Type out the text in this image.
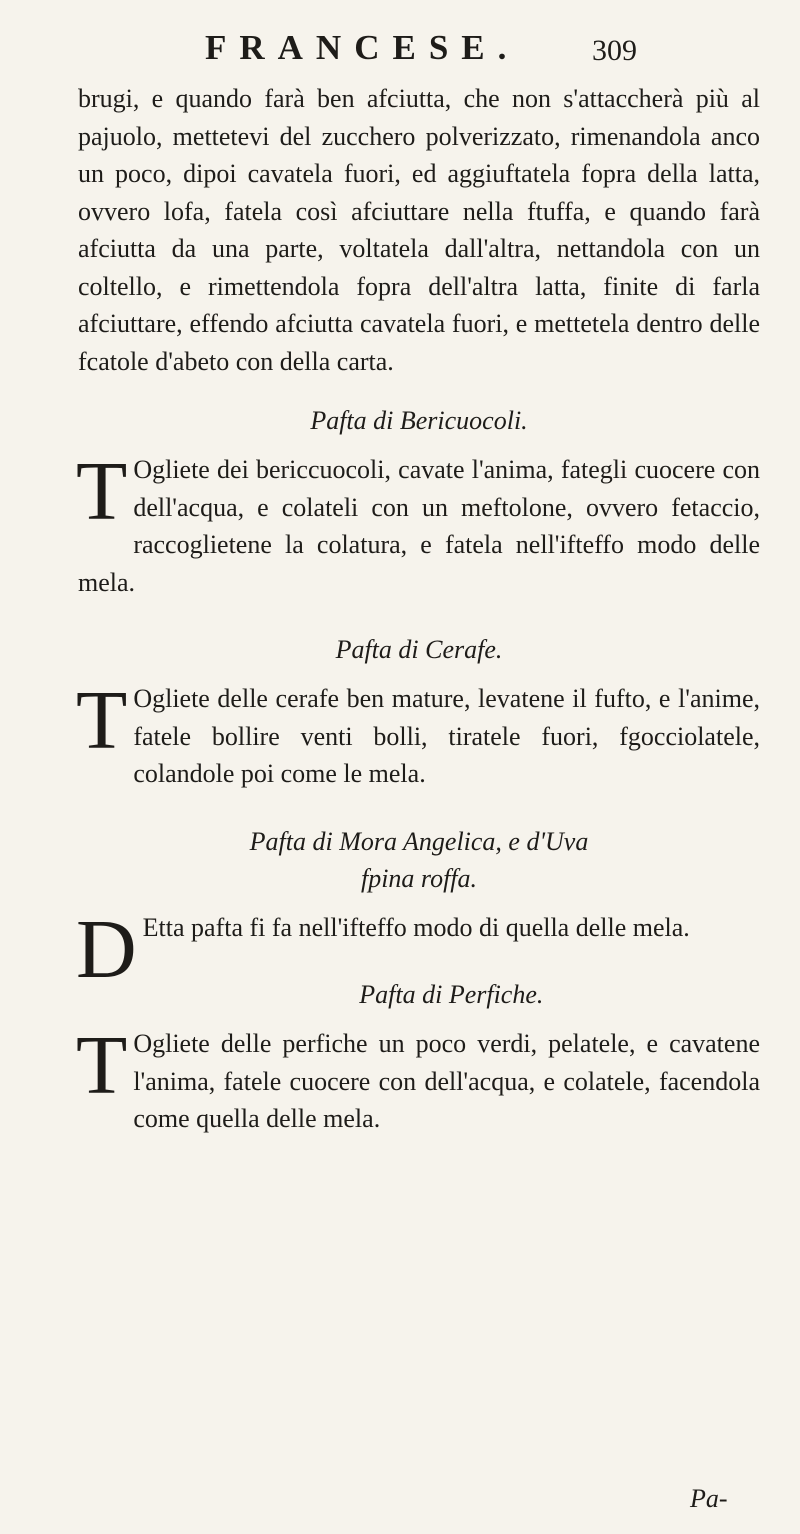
FRANCESE. 309

brugi, e quando farà ben afciutta, che non s'attaccherà più al pajuolo, mettetevi del zucchero polverizzato, rimenandola anco un poco, dipoi cavatela fuori, ed aggiuftatela fopra della latta, ovvero lofa, fatela così afciuttare nella ftuffa, e quando farà afciutta da una parte, voltatela dall'altra, nettandola con un coltello, e rimettendola fopra dell'altra latta, finite di farla afciuttare, effendo afciutta cavatela fuori, e mettetela dentro delle fcatole d'abeto con della carta.

Pafta di Bericuocoli.

T Ogliete dei bericcuocoli, cavate l'anima, fategli cuocere con dell'acqua, e colateli con un meftolone, ovvero fetaccio, raccoglietene la colatura, e fatela nell'ifteffo modo delle mela.

Pafta di Cerafe.

T Ogliete delle cerafe ben mature, levatene il fufto, e l'anime, fatele bollire venti bolli, tiratele fuori, fgocciolatele, colandole poi come le mela.

Pafta di Mora Angelica, e d'Uva
fpina roffa.

D Etta pafta fi fa nell'ifteffo modo di quella delle mela.

Pafta di Perfiche.

T Ogliete delle perfiche un poco verdi, pelatele, e cavatene l'anima, fatele cuocere con dell'acqua, e colatele, facendola come quella delle mela.

Pa-
